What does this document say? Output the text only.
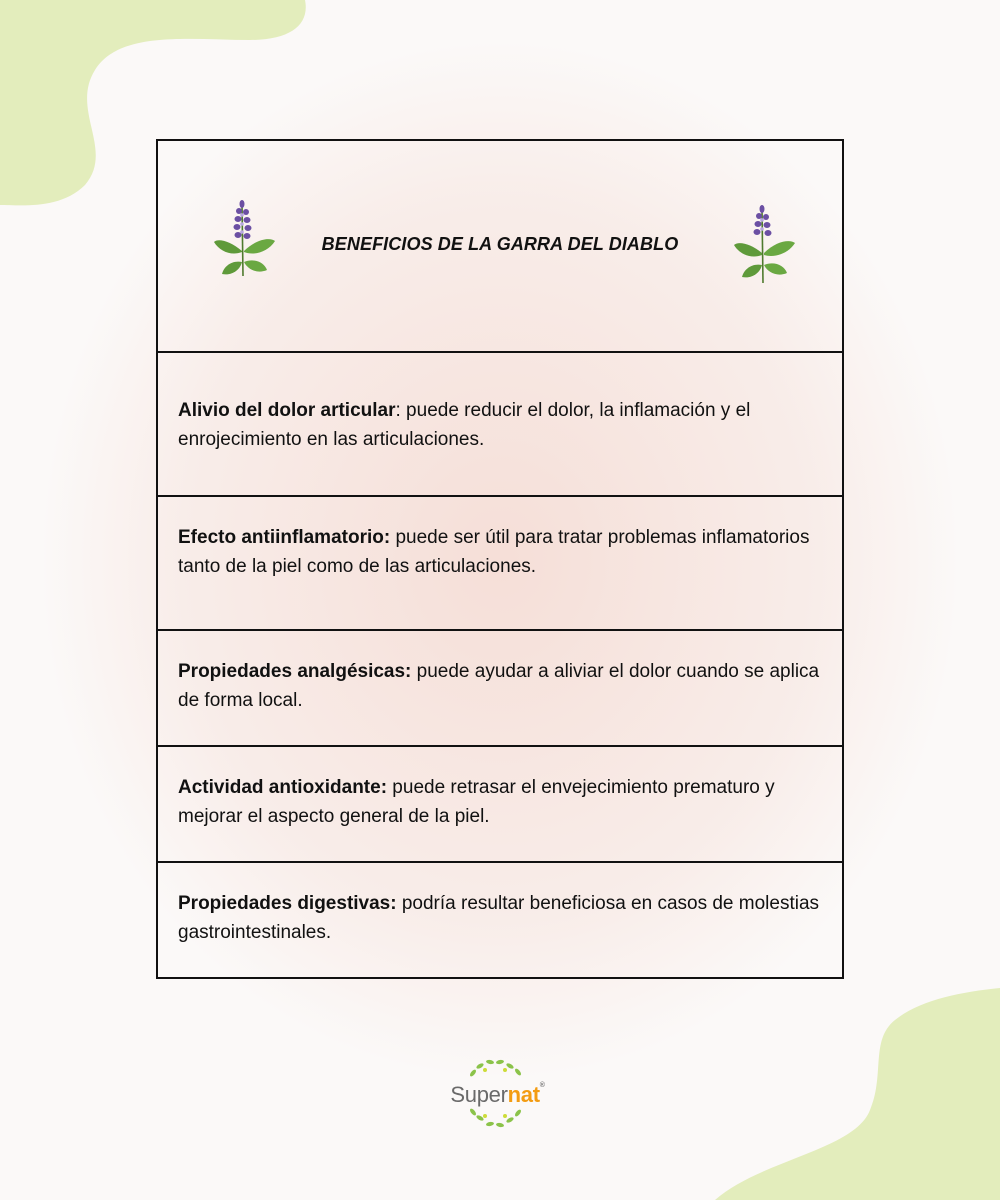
BENEFICIOS DE LA GARRA DEL DIABLO
Alivio del dolor articular: puede reducir el dolor, la inflamación y el enrojecimiento en las articulaciones.
Efecto antiinflamatorio: puede ser útil para tratar problemas inflamatorios tanto de la piel como de las articulaciones.
Propiedades analgésicas: puede ayudar a aliviar el dolor cuando se aplica de forma local.
Actividad antioxidante: puede retrasar el envejecimiento prematuro y mejorar el aspecto general de la piel.
Propiedades digestivas: podría resultar beneficiosa en casos de molestias gastrointestinales.
Supernat®
